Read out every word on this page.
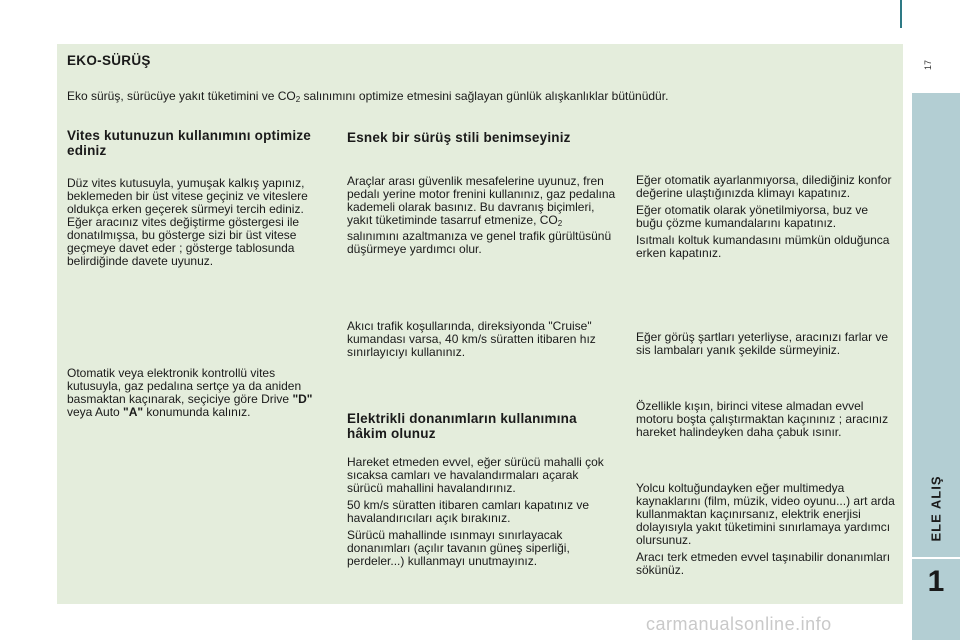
EKO-SÜRÜŞ

Eko sürüş, sürücüye yakıt tüketimini ve $CO_2$ salınımını optimize etmesini sağlayan günlük alışkanlıklar bütünüdür.

Vites kutunuzun kullanımını optimize ediniz

Düz vites kutusuyla, yumuşak kalkış yapınız, beklemeden bir üst vitese geçiniz ve viteslere oldukça erken geçerek sürmeyi tercih ediniz. Eğer aracınız vites değiştirme göstergesi ile donatılmışsa, bu gösterge sizi bir üst vitese geçmeye davet eder ; gösterge tablosunda belirdiğinde davete uyunuz.

Otomatik veya elektronik kontrollü vites kutusuyla, gaz pedalına sertçe ya da aniden basmaktan kaçınarak, seçiciye göre Drive "D" veya Auto "A" konumunda kalınız.

Esnek bir sürüş stili benimseyiniz

Araçlar arası güvenlik mesafelerine uyunuz, fren pedalı yerine motor frenini kullanınız, gaz pedalına kademeli olarak basınız. Bu davranış biçimleri, yakıt tüketiminde tasarruf etmenize, $CO_2$ salınımını azaltmanıza ve genel trafik gürültüsünü düşürmeye yardımcı olur.

Akıcı trafik koşullarında, direksiyonda "Cruise" kumandası varsa, 40 km/s süratten itibaren hız sınırlayıcıyı kullanınız.

Elektrikli donanımların kullanımına hâkim olunuz

Hareket etmeden evvel, eğer sürücü mahalli çok sıcaksa camları ve havalandırmaları açarak sürücü mahallini havalandırınız.

50 km/s süratten itibaren camları kapatınız ve havalandırıcıları açık bırakınız.

Sürücü mahallinde ısınmayı sınırlayacak donanımları (açılır tavanın güneş siperliği, perdeler...) kullanmayı unutmayınız.

Eğer otomatik ayarlanmıyorsa, dilediğiniz konfor değerine ulaştığınızda klimayı kapatınız.

Eğer otomatik olarak yönetilmiyorsa, buz ve buğu çözme kumandalarını kapatınız.

Isıtmalı koltuk kumandasını mümkün olduğunca erken kapatınız.

Eğer görüş şartları yeterliyse, aracınızı farlar ve sis lambaları yanık şekilde sürmeyiniz.

Özellikle kışın, birinci vitese almadan evvel motoru boşta çalıştırmaktan kaçınınız ; aracınız hareket halindeyken daha çabuk ısınır.

Yolcu koltuğundayken eğer multimedya kaynaklarını (film, müzik, video oyunu...) art arda kullanmaktan kaçınırsanız, elektrik enerjisi dolayısıyla yakıt tüketimini sınırlamaya yardımcı olursunuz.

Aracı terk etmeden evvel taşınabilir donanımları sökünüz.

17
ELE ALIŞ
1
carmanualsonline.info
